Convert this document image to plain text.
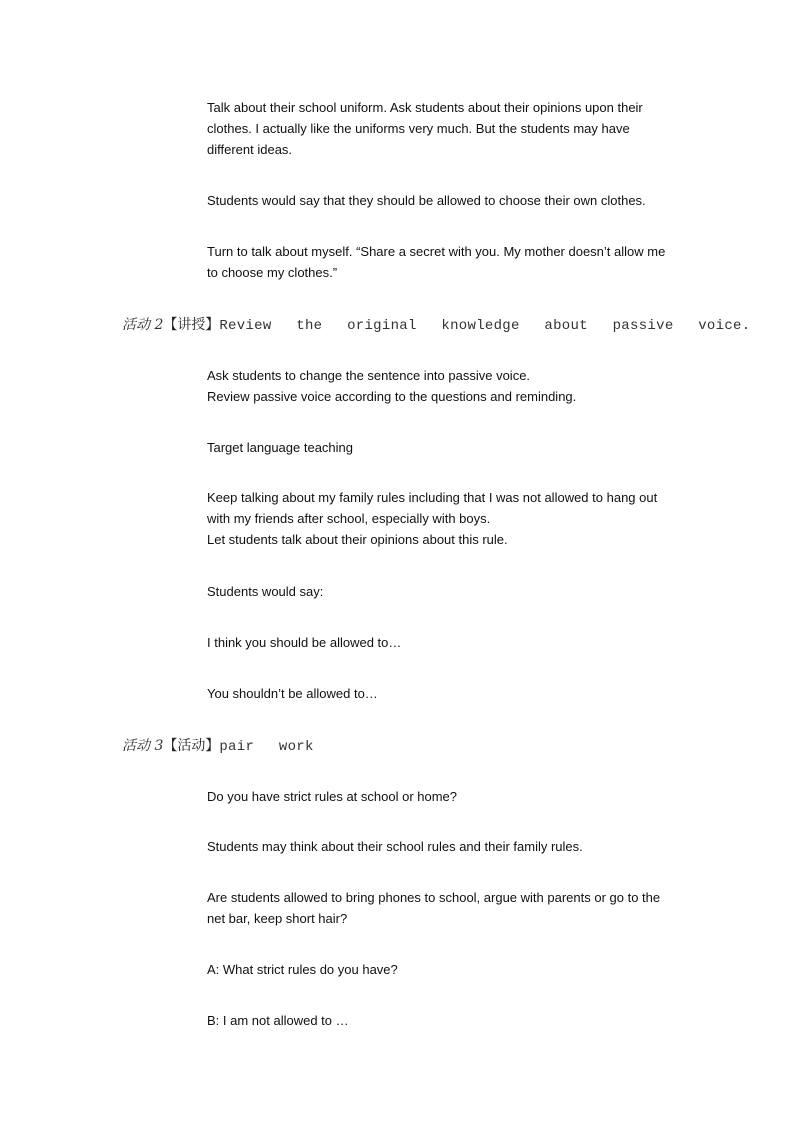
Talk about their school uniform. Ask students about their opinions upon their
clothes. I actually like the uniforms very much. But the students may have
different ideas.

Students would say that they should be allowed to choose their own clothes.

Turn to talk about myself. “Share a secret with you. My mother doesn’t allow me
to choose my clothes.”

活动 2【讲授】Review the original knowledge about passive voice.

Ask students to change the sentence into passive voice.
Review passive voice according to the questions and reminding.

Target language teaching

Keep talking about my family rules including that I was not allowed to hang out
with my friends after school, especially with boys.
Let students talk about their opinions about this rule.

Students would say:

I think you should be allowed to…

You shouldn’t be allowed to…

活动 3【活动】pair work

Do you have strict rules at school or home?

Students may think about their school rules and their family rules.

Are students allowed to bring phones to school, argue with parents or go to the
net bar, keep short hair?

A: What strict rules do you have?

B: I am not allowed to …
